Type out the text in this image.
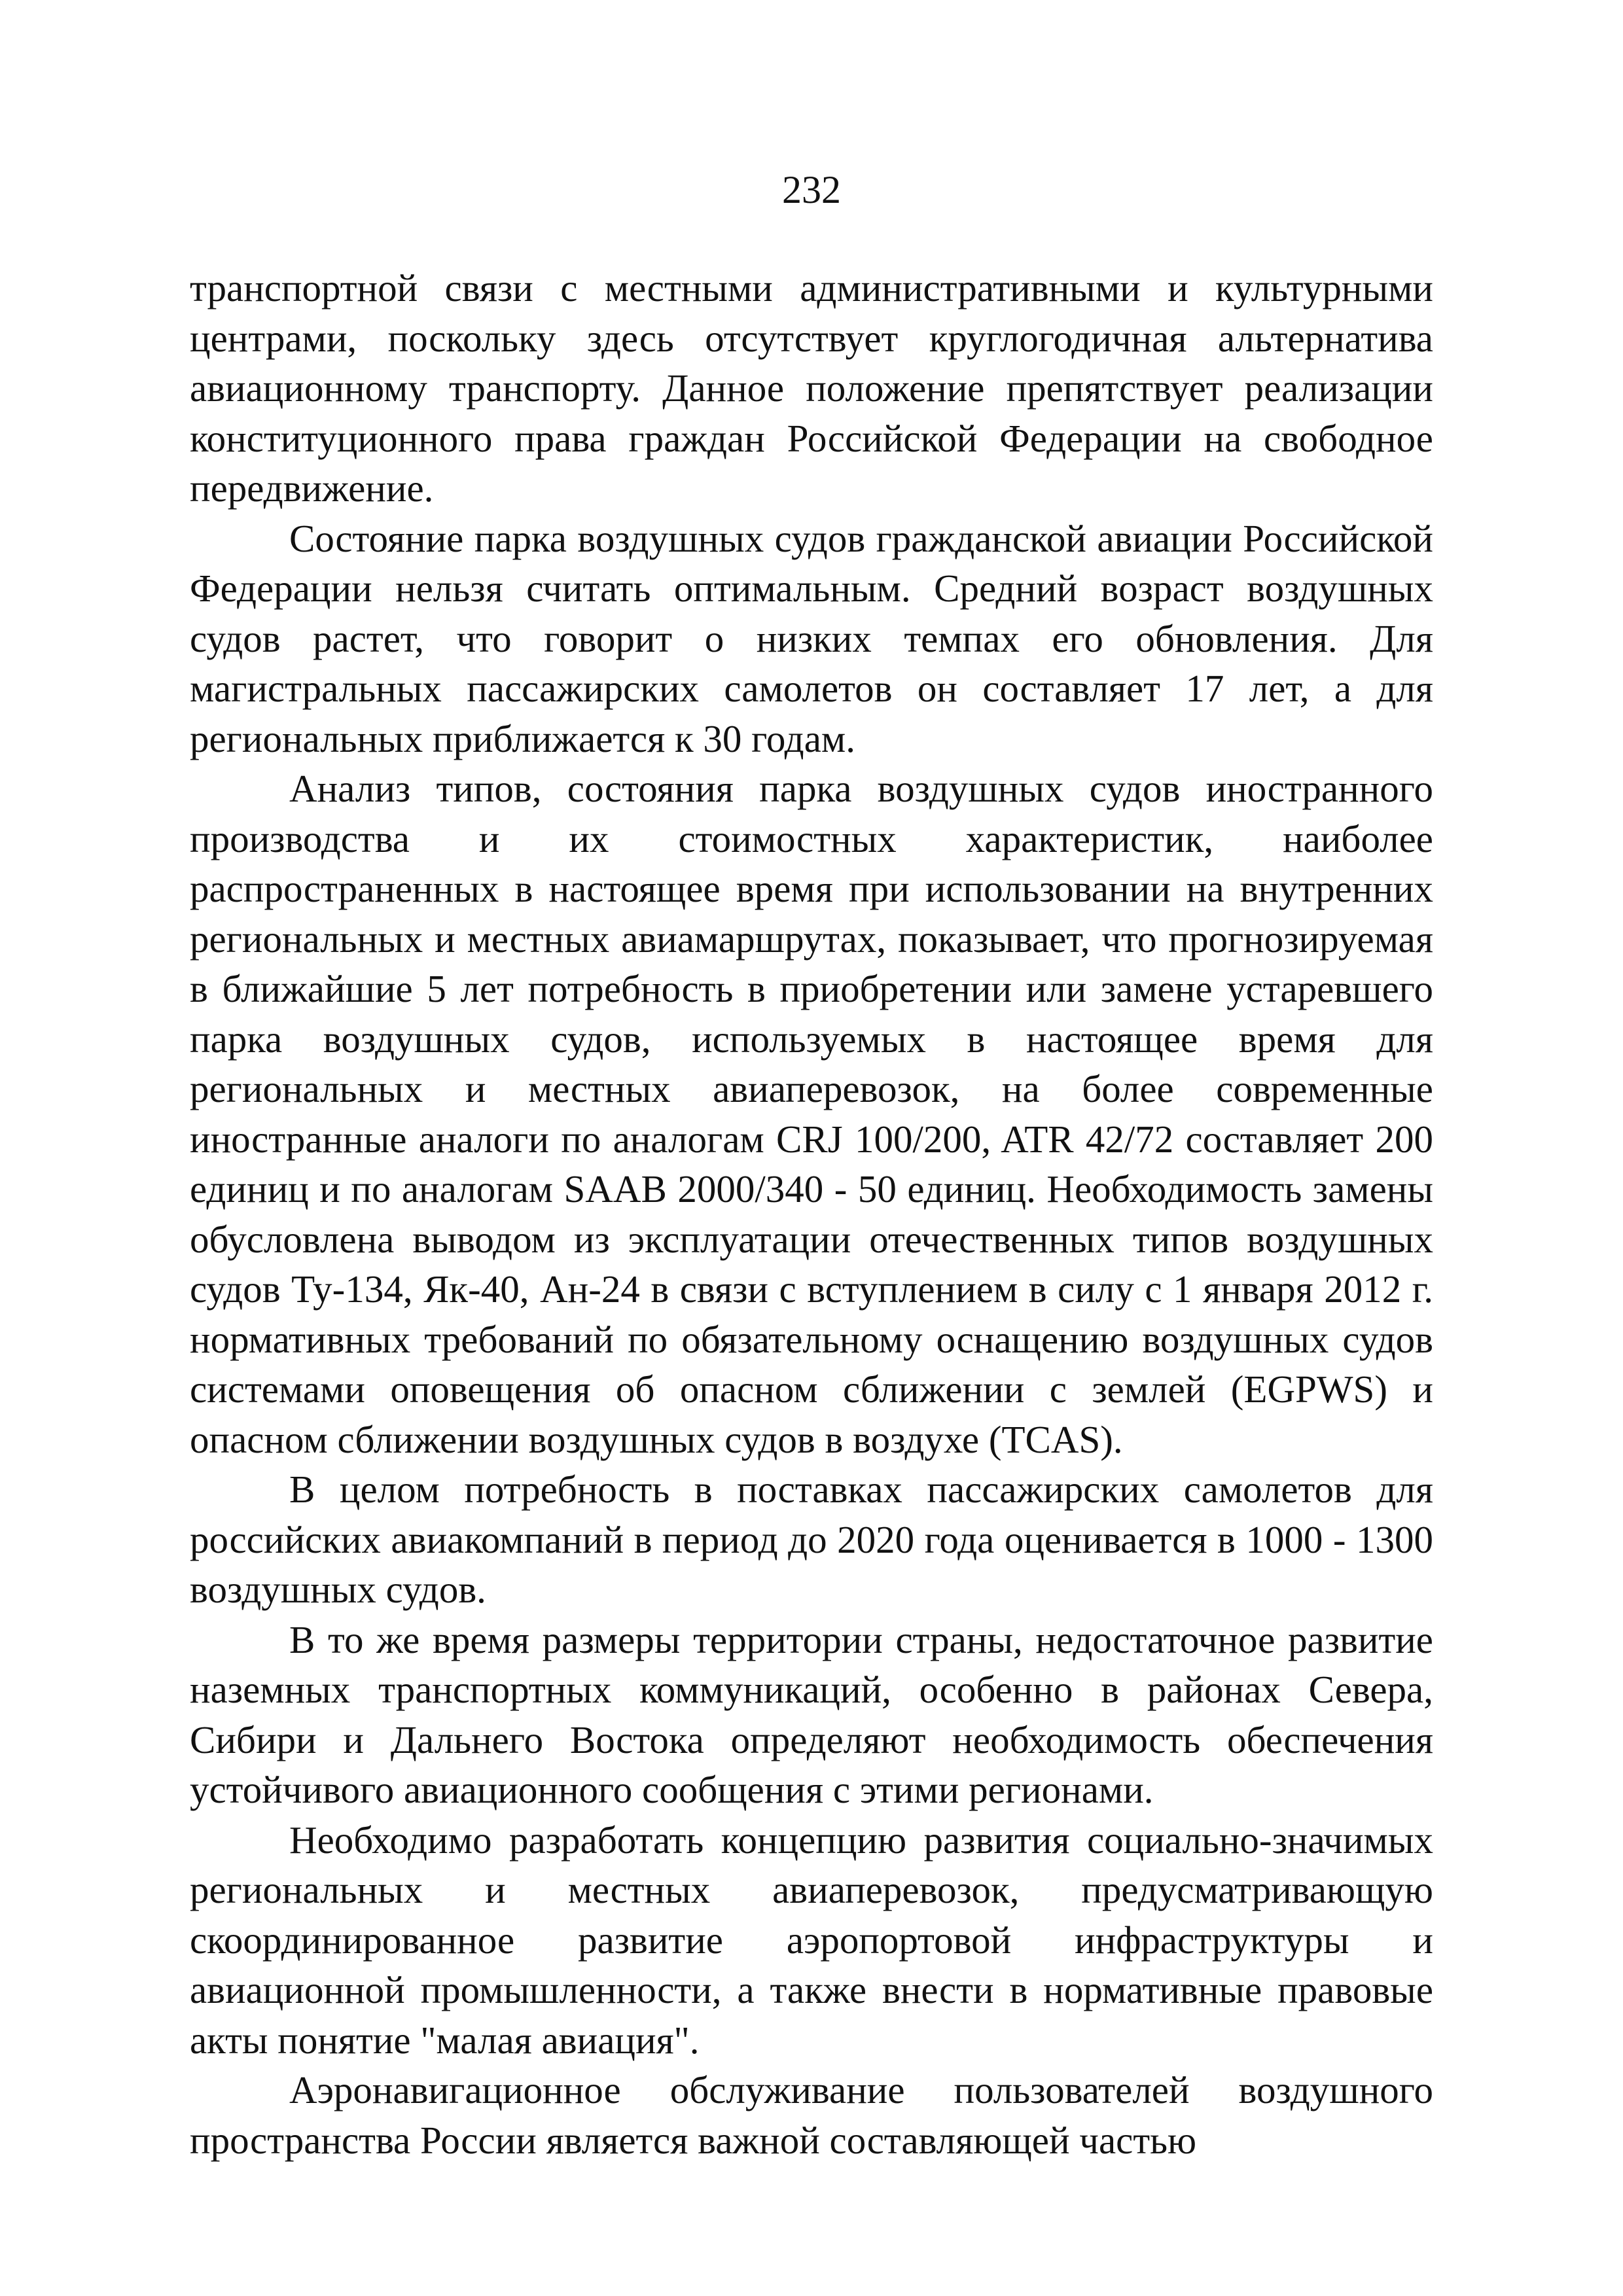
232

транспортной связи с местными административными и культурными центрами, поскольку здесь отсутствует круглогодичная альтернатива авиационному транспорту. Данное положение препятствует реализации конституционного права граждан Российской Федерации на свободное передвижение.

Состояние парка воздушных судов гражданской авиации Российской Федерации нельзя считать оптимальным. Средний возраст воздушных судов растет, что говорит о низких темпах его обновления. Для магистральных пассажирских самолетов он составляет 17 лет, а для региональных приближается к 30 годам.

Анализ типов, состояния парка воздушных судов иностранного производства и их стоимостных характеристик, наиболее распространенных в настоящее время при использовании на внутренних региональных и местных авиамаршрутах, показывает, что прогнозируемая в ближайшие 5 лет потребность в приобретении или замене устаревшего парка воздушных судов, используемых в настоящее время для региональных и местных авиаперевозок, на более современные иностранные аналоги по аналогам CRJ 100/200, ATR 42/72 составляет 200 единиц и по аналогам SAAB 2000/340 - 50 единиц. Необходимость замены обусловлена выводом из эксплуатации отечественных типов воздушных судов Ту-134, Як-40, Ан-24 в связи с вступлением в силу с 1 января 2012 г. нормативных требований по обязательному оснащению воздушных судов системами оповещения об опасном сближении с землей (EGPWS) и опасном сближении воздушных судов в воздухе (TCAS).

В целом потребность в поставках пассажирских самолетов для российских авиакомпаний в период до 2020 года оценивается в 1000 - 1300 воздушных судов.

В то же время размеры территории страны, недостаточное развитие наземных транспортных коммуникаций, особенно в районах Севера, Сибири и Дальнего Востока определяют необходимость обеспечения устойчивого авиационного сообщения с этими регионами.

Необходимо разработать концепцию развития социально-значимых региональных и местных авиаперевозок, предусматривающую скоординированное развитие аэропортовой инфраструктуры и авиационной промышленности, а также внести в нормативные правовые акты понятие "малая авиация".

Аэронавигационное обслуживание пользователей воздушного пространства России является важной составляющей частью
